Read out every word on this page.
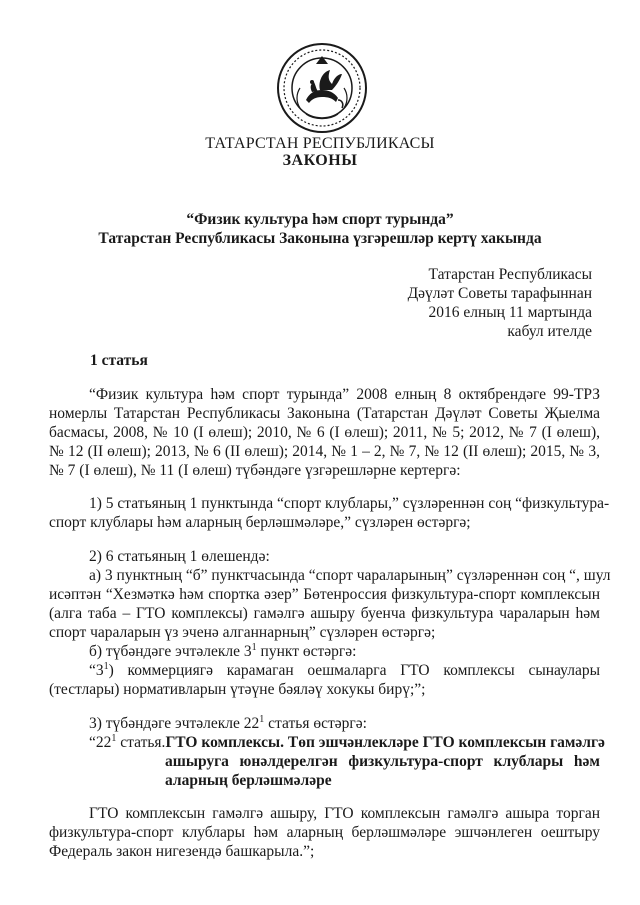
ТАТАРСТАН РЕСПУБЛИКАСЫ
ЗАКОНЫ
“Физик культура һәм спорт турында”
Татарстан Республикасы Законына үзгәрешләр кертү хакында
Татарстан Республикасы
Дәүләт Советы тарафыннан
2016 елның 11 мартында
кабул ителде
1 статья
“Физик культура һәм спорт турында” 2008 елның 8 октябрендәге 99-ТРЗ
номерлы Татарстан Республикасы Законына (Татарстан Дәүләт Советы Җыелма
басмасы, 2008, № 10 (I өлеш); 2010, № 6 (I өлеш); 2011, № 5; 2012, № 7 (I өлеш),
№ 12 (II өлеш); 2013, № 6 (II өлеш); 2014, № 1 – 2, № 7, № 12 (II өлеш); 2015, № 3,
№ 7 (I өлеш), № 11 (I өлеш) түбәндәге үзгәрешләрне кертергә:
1) 5 статьяның 1 пунктында “спорт клублары,” сүзләреннән соң “физкультура-
спорт клублары һәм аларның берләшмәләре,” сүзләрен өстәргә;
2) 6 статьяның 1 өлешендә:
а) 3 пунктның “б” пунктчасында “спорт чараларының” сүзләреннән соң “, шул
исәптән “Хезмәткә һәм спортка әзер” Бөтенроссия физкультура-спорт комплексын
(алга таба – ГТО комплексы) гамәлгә ашыру буенча физкультура чараларын һәм
спорт чараларын үз эченә алганнарның” сүзләрен өстәргә;
б) түбәндәге эчтәлекле $3^1$ пункт өстәргә:
“$3^1$ ) коммерциягә карамаган оешмаларга ГТО комплексы сынаулары
(тестлары) нормативларын үтәүне бәяләү хокукы бирү;”;
3) түбәндәге эчтәлекле $22^1$ статья өстәргә:
“$22^1$ статья. ГТО комплексы. Төп эшчәнлекләре ГТО комплексын гамәлгә
ашыруга юнәлдерелгән физкультура-спорт клублары һәм
аларның берләшмәләре
ГТО комплексын гамәлгә ашыру, ГТО комплексын гамәлгә ашыра торган
физкультура-спорт клублары һәм аларның берләшмәләре эшчәнлеген оештыру
Федераль закон нигезендә башкарыла.”;
